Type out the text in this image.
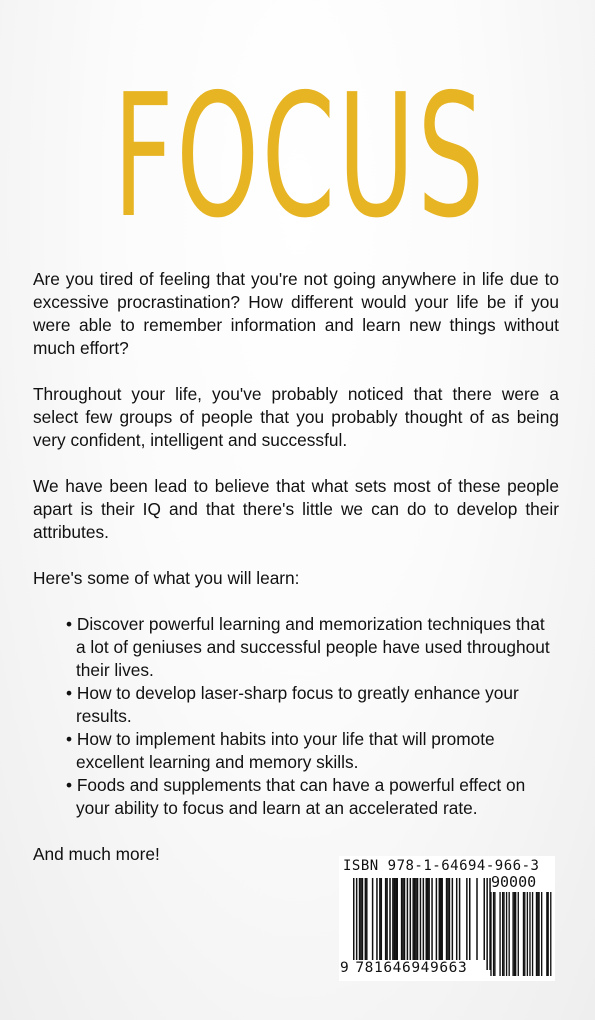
FOCUS

Are you tired of feeling that you're not going anywhere in life due to excessive procrastination? How different would your life be if you were able to remember information and learn new things without much effort?

Throughout your life, you've probably noticed that there were a select few groups of people that you probably thought of as being very confident, intelligent and successful.

We have been lead to believe that what sets most of these people apart is their IQ and that there's little we can do to develop their attributes.

Here's some of what you will learn:

• Discover powerful learning and memorization techniques that a lot of geniuses and successful people have used throughout their lives.
• How to develop laser-sharp focus to greatly enhance your results.
• How to implement habits into your life that will promote excellent learning and memory skills.
• Foods and supplements that can have a powerful effect on your ability to focus and learn at an accelerated rate.

And much more!

ISBN 978-1-64694-966-3
90000
9 781646949663
